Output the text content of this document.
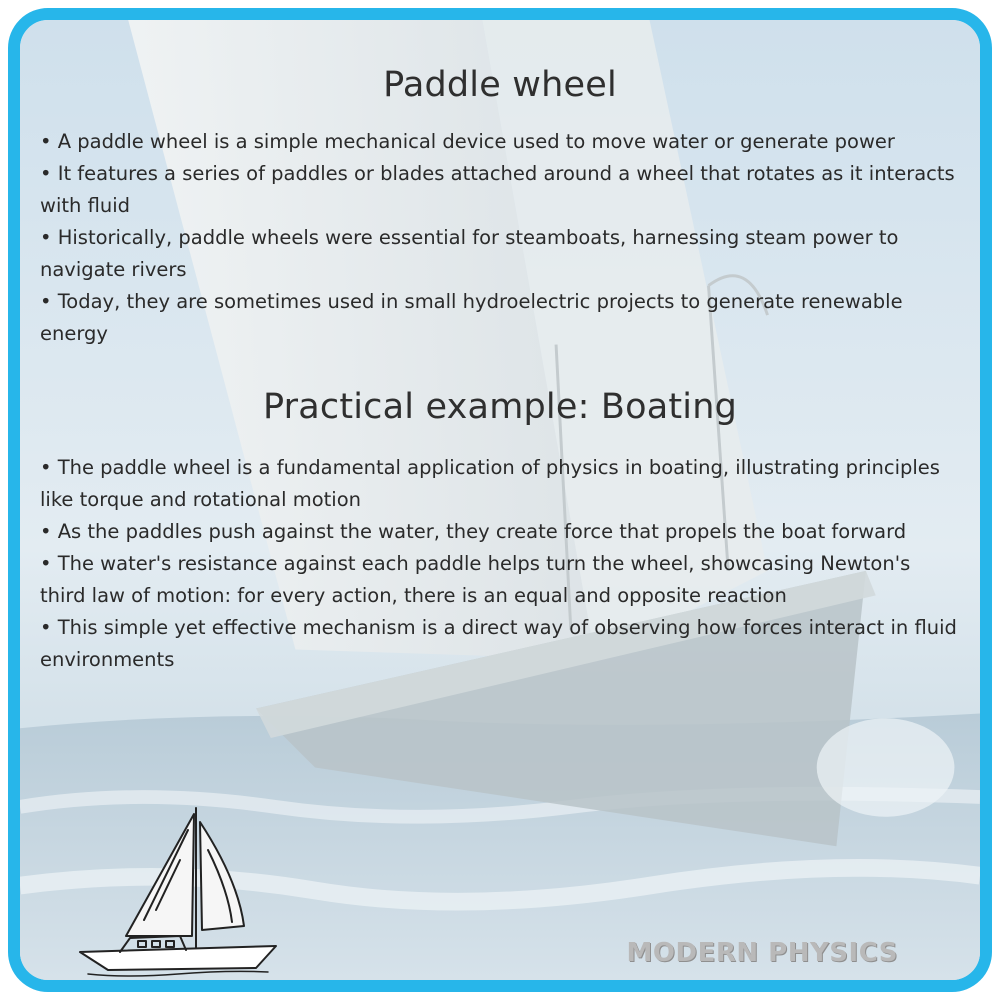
Paddle wheel
• A paddle wheel is a simple mechanical device used to move water or generate power
• It features a series of paddles or blades attached around a wheel that rotates as it interacts with fluid
• Historically, paddle wheels were essential for steamboats, harnessing steam power to navigate rivers
• Today, they are sometimes used in small hydroelectric projects to generate renewable energy
Practical example: Boating
• The paddle wheel is a fundamental application of physics in boating, illustrating principles like torque and rotational motion
• As the paddles push against the water, they create force that propels the boat forward
• The water's resistance against each paddle helps turn the wheel, showcasing Newton's third law of motion: for every action, there is an equal and opposite reaction
• This simple yet effective mechanism is a direct way of observing how forces interact in fluid environments
MODERN PHYSICS
